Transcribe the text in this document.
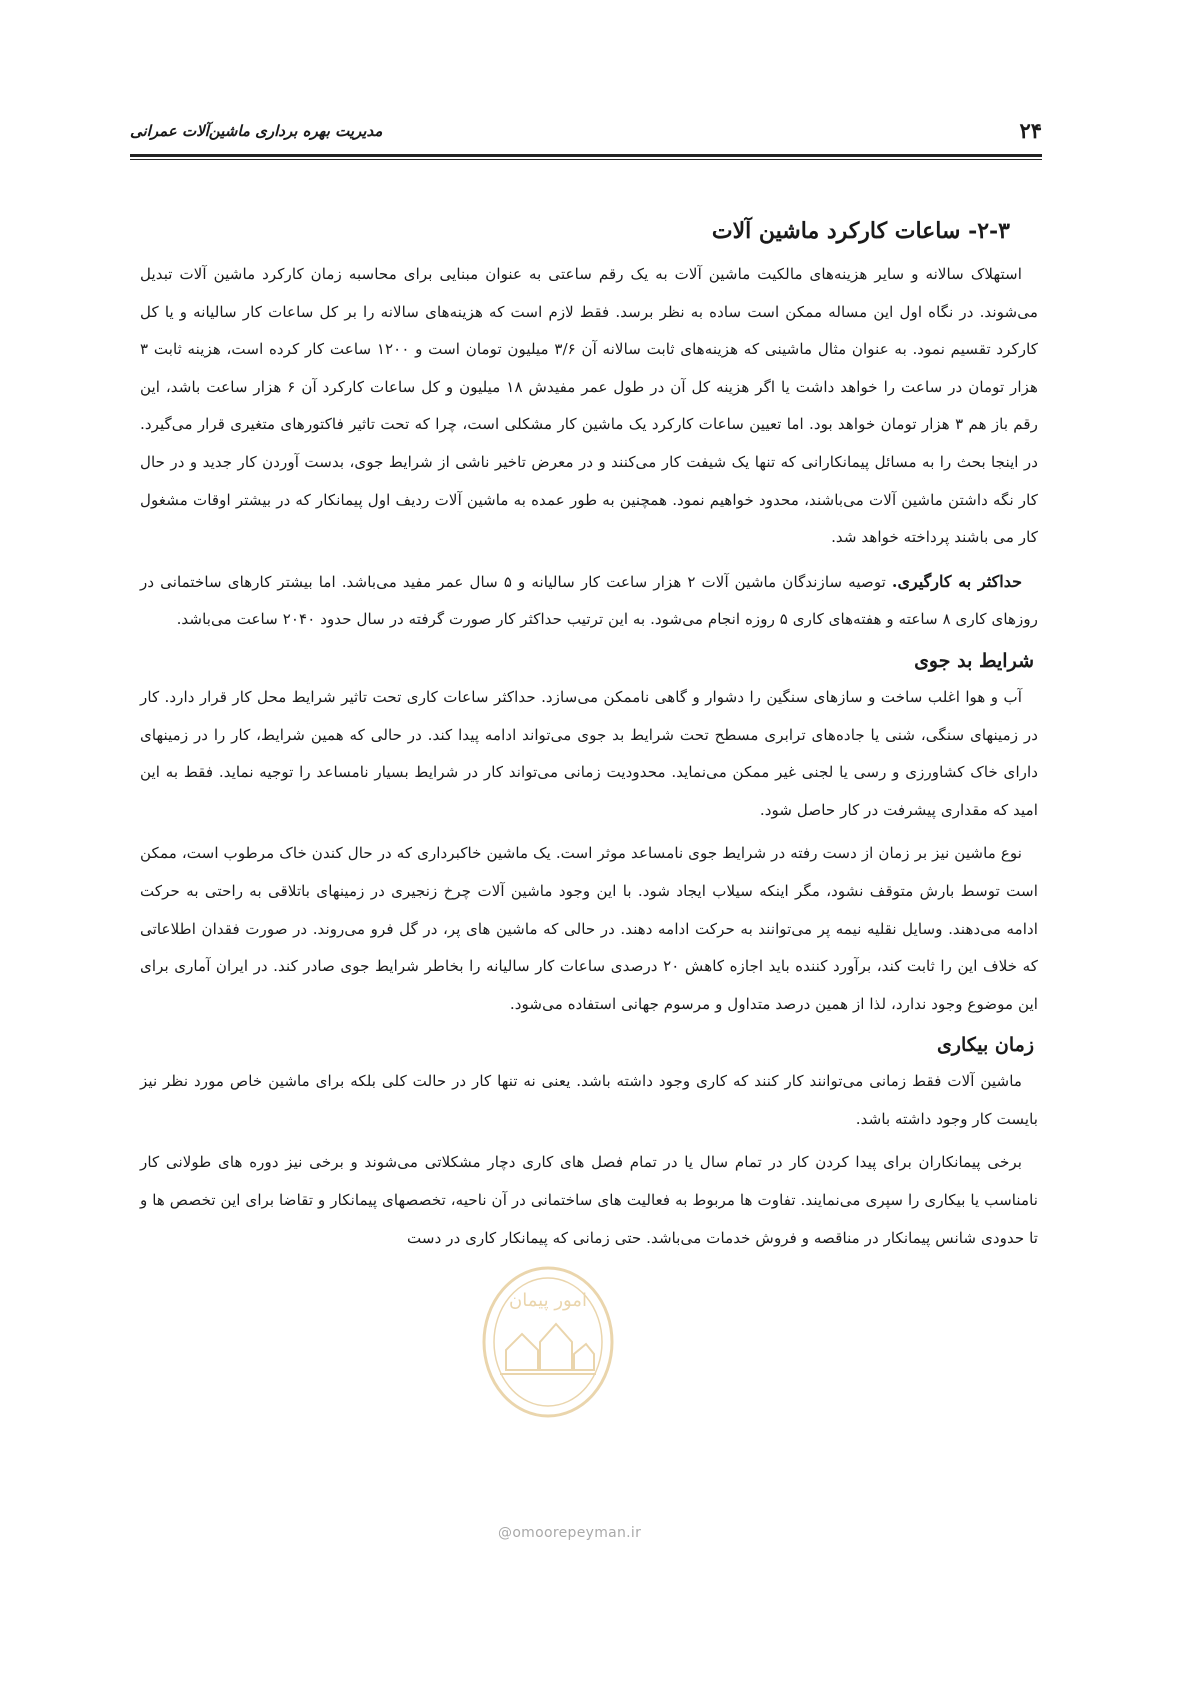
۲۴
مدیریت بهره برداری ماشین‌آلات عمرانی
۲-۳- ساعات کارکرد ماشین آلات

استهلاک سالانه و سایر هزینه‌های مالکیت ماشین آلات به یک رقم ساعتی به عنوان مبنایی برای محاسبه زمان کارکرد ماشین آلات تبدیل می‌شوند. در نگاه اول این مساله ممکن است ساده به نظر برسد. فقط لازم است که هزینه‌های سالانه را بر کل ساعات کار سالیانه و یا کل کارکرد تقسیم نمود. به عنوان مثال ماشینی که هزینه‌های ثابت سالانه آن ۳/۶ میلیون تومان است و ۱۲۰۰ ساعت کار کرده است، هزینه ثابت ۳ هزار تومان در ساعت را خواهد داشت یا اگر هزینه کل آن در طول عمر مفیدش ۱۸ میلیون و کل ساعات کارکرد آن ۶ هزار ساعت باشد، این رقم باز هم ۳ هزار تومان خواهد بود. اما تعیین ساعات کارکرد یک ماشین کار مشکلی است، چرا که تحت تاثیر فاکتورهای متغیری قرار می‌گیرد. در اینجا بحث را به مسائل پیمانکارانی که تنها یک شیفت کار می‌کنند و در معرض تاخیر ناشی از شرایط جوی، بدست آوردن کار جدید و در حال کار نگه داشتن ماشین آلات می‌باشند، محدود خواهیم نمود. همچنین به طور عمده به ماشین آلات ردیف اول پیمانکار که در بیشتر اوقات مشغول کار می باشند پرداخته خواهد شد.

حداکثر به کارگیری. توصیه سازندگان ماشین آلات ۲ هزار ساعت کار سالیانه و ۵ سال عمر مفید می‌باشد. اما بیشتر کارهای ساختمانی در روزهای کاری ۸ ساعته و هفته‌های کاری ۵ روزه انجام می‌شود. به این ترتیب حداکثر کار صورت گرفته در سال حدود ۲۰۴۰ ساعت می‌باشد.

شرایط بد جوی

آب و هوا اغلب ساخت و سازهای سنگین را دشوار و گاهی ناممکن می‌سازد. حداکثر ساعات کاری تحت تاثیر شرایط محل کار قرار دارد. کار در زمینهای سنگی، شنی یا جاده‌های ترابری مسطح تحت شرایط بد جوی می‌تواند ادامه پیدا کند. در حالی که همین شرایط، کار را در زمینهای دارای خاک کشاورزی و رسی یا لجنی غیر ممکن می‌نماید. محدودیت زمانی می‌تواند کار در شرایط بسیار نامساعد را توجیه نماید. فقط به این امید که مقداری پیشرفت در کار حاصل شود.

نوع ماشین نیز بر زمان از دست رفته در شرایط جوی نامساعد موثر است. یک ماشین خاکبرداری که در حال کندن خاک مرطوب است، ممکن است توسط بارش متوقف نشود، مگر اینکه سیلاب ایجاد شود. با این وجود ماشین آلات چرخ زنجیری در زمینهای باتلاقی به راحتی به حرکت ادامه می‌دهند. وسایل نقلیه نیمه پر می‌توانند به حرکت ادامه دهند. در حالی که ماشین های پر، در گل فرو می‌روند. در صورت فقدان اطلاعاتی که خلاف این را ثابت کند، برآورد کننده باید اجازه کاهش ۲۰ درصدی ساعات کار سالیانه را بخاطر شرایط جوی صادر کند. در ایران آماری برای این موضوع وجود ندارد، لذا از همین درصد متداول و مرسوم جهانی استفاده می‌شود.

زمان بیکاری

ماشین آلات فقط زمانی می‌توانند کار کنند که کاری وجود داشته باشد. یعنی نه تنها کار در حالت کلی بلکه برای ماشین خاص مورد نظر نیز بایست کار وجود داشته باشد.

برخی پیمانکاران برای پیدا کردن کار در تمام سال یا در تمام فصل های کاری دچار مشکلاتی می‌شوند و برخی نیز دوره های طولانی کار نامناسب یا بیکاری را سپری می‌نمایند. تفاوت ها مربوط به فعالیت های ساختمانی در آن ناحیه، تخصصهای پیمانکار و تقاضا برای این تخصص ها و تا حدودی شانس پیمانکار در مناقصه و فروش خدمات می‌باشد. حتی زمانی که پیمانکار کاری در دست

امور پیمان
@omoorepeyman.ir
